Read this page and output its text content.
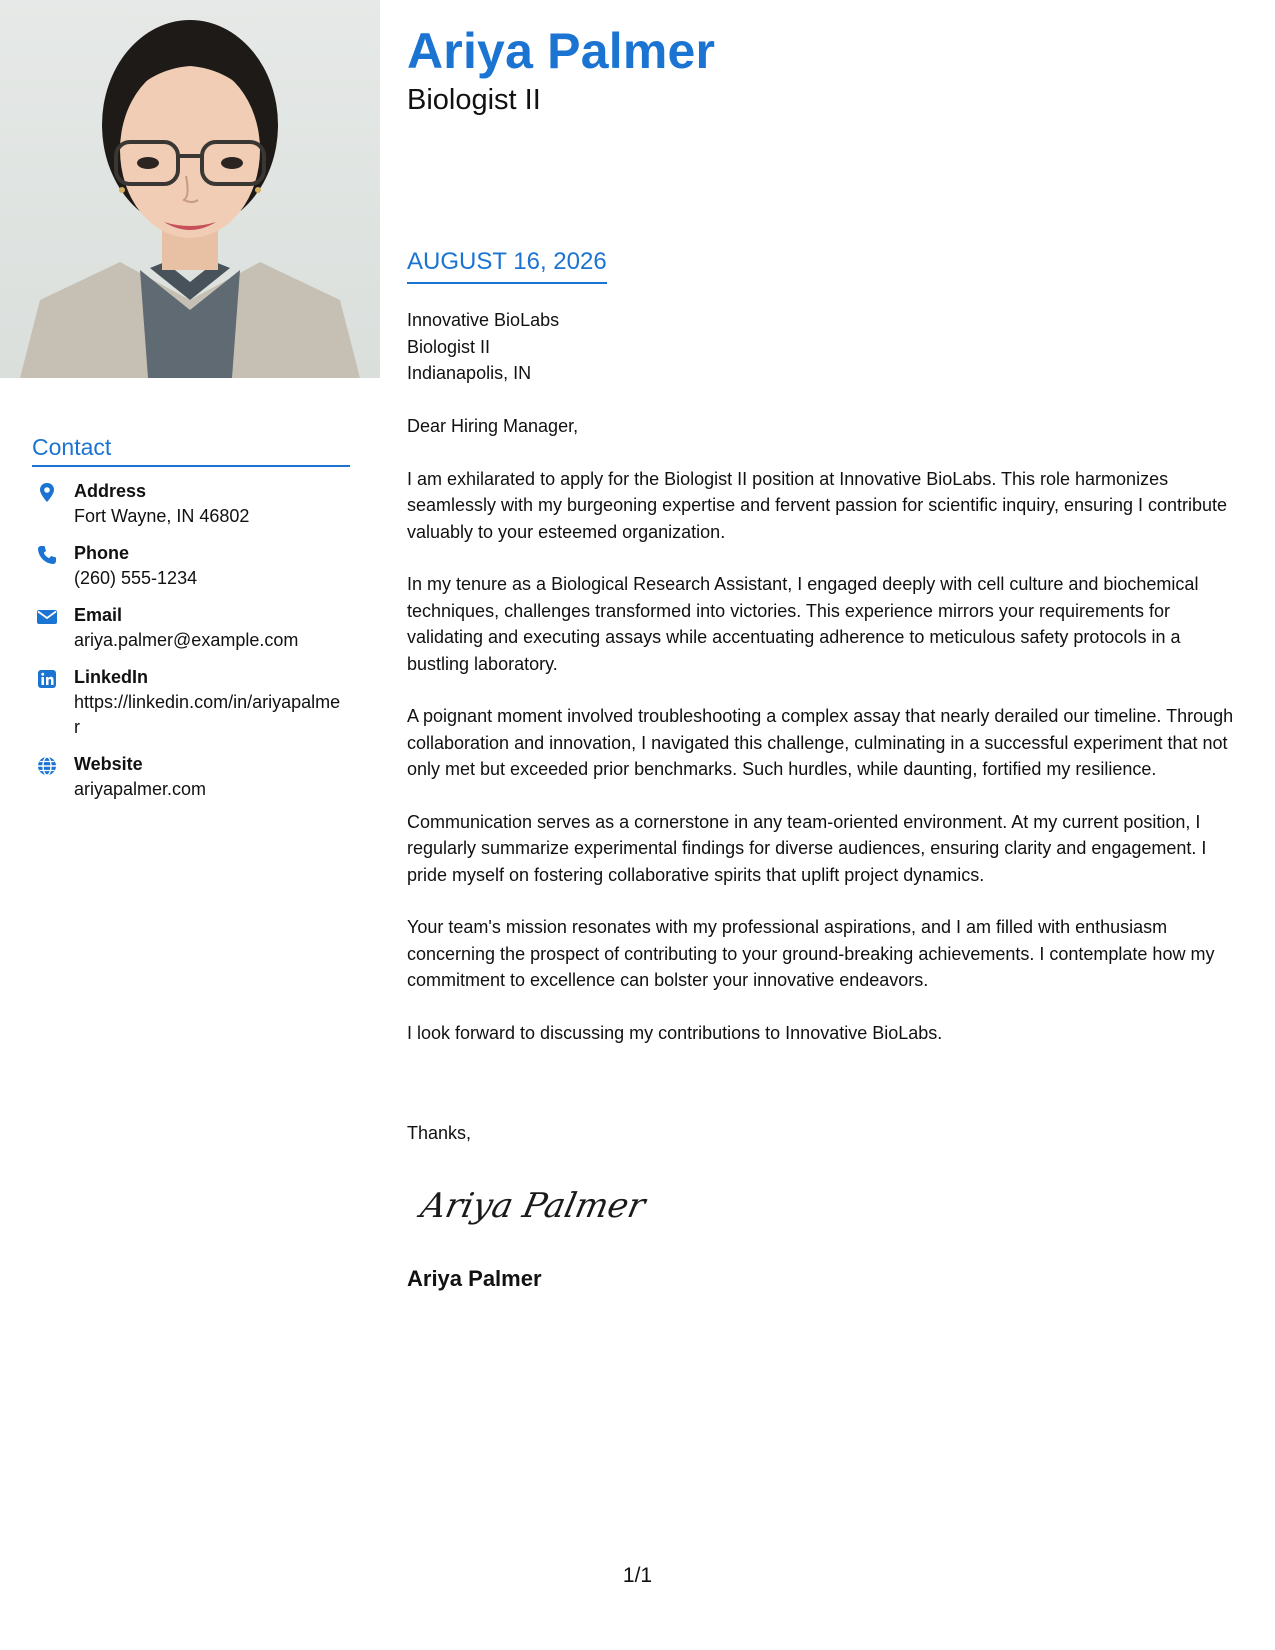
Ariya Palmer
Biologist II
AUGUST 16, 2026
Innovative BioLabs
Biologist II
Indianapolis, IN

Dear Hiring Manager,

I am exhilarated to apply for the Biologist II position at Innovative BioLabs. This role harmonizes seamlessly with my burgeoning expertise and fervent passion for scientific inquiry, ensuring I contribute valuably to your esteemed organization.

In my tenure as a Biological Research Assistant, I engaged deeply with cell culture and biochemical techniques, challenges transformed into victories. This experience mirrors your requirements for validating and executing assays while accentuating adherence to meticulous safety protocols in a bustling laboratory.

A poignant moment involved troubleshooting a complex assay that nearly derailed our timeline. Through collaboration and innovation, I navigated this challenge, culminating in a successful experiment that not only met but exceeded prior benchmarks. Such hurdles, while daunting, fortified my resilience.

Communication serves as a cornerstone in any team-oriented environment. At my current position, I regularly summarize experimental findings for diverse audiences, ensuring clarity and engagement. I pride myself on fostering collaborative spirits that uplift project dynamics.

Your team's mission resonates with my professional aspirations, and I am filled with enthusiasm concerning the prospect of contributing to your ground-breaking achievements. I contemplate how my commitment to excellence can bolster your innovative endeavors.

I look forward to discussing my contributions to Innovative BioLabs.

Thanks,
Ariya Palmer
Ariya Palmer
Contact
Address
Fort Wayne, IN 46802
Phone
(260) 555-1234
Email
ariya.palmer@example.com
LinkedIn
https://linkedin.com/in/ariyapalmer
Website
ariyapalmer.com
1/1
